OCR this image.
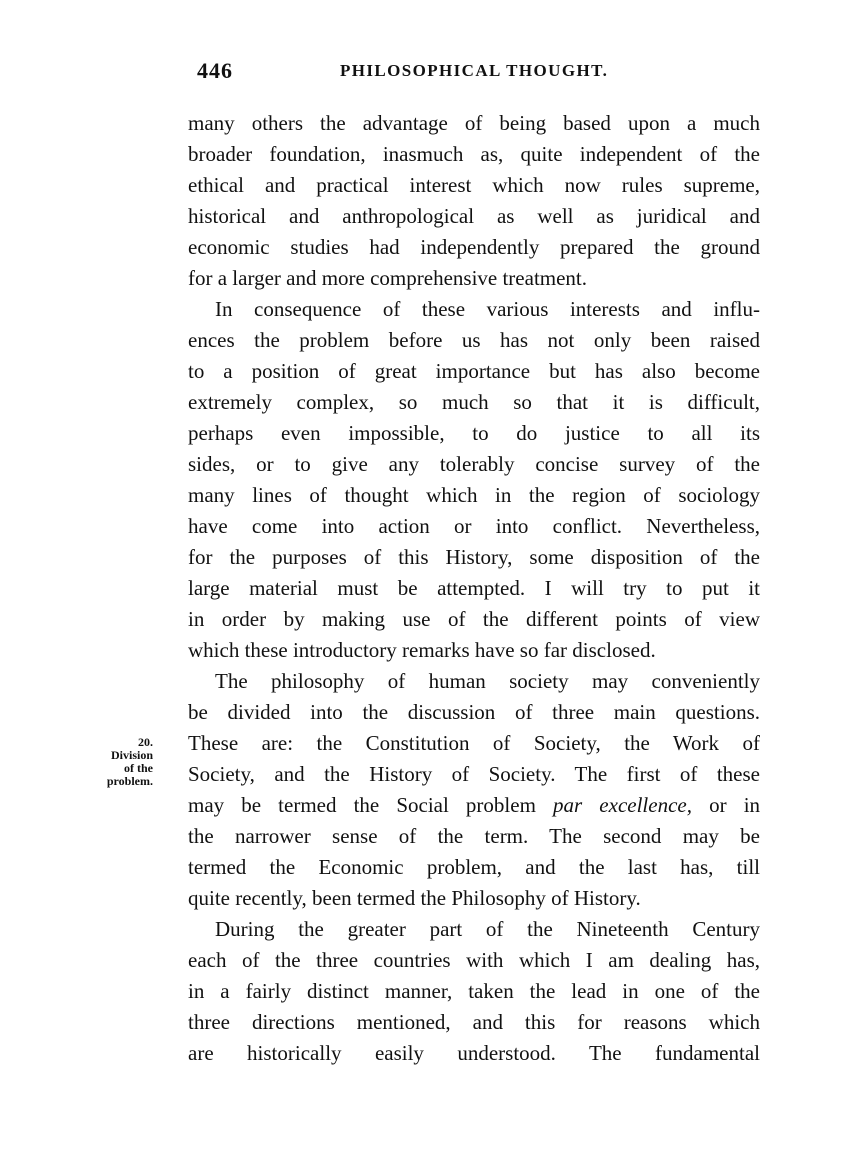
446	PHILOSOPHICAL THOUGHT.
20.
Division
of the
problem.
many others the advantage of being based upon a much
broader foundation, inasmuch as, quite independent of the
ethical and practical interest which now rules supreme,
historical and anthropological as well as juridical and
economic studies had independently prepared the ground
for a larger and more comprehensive treatment.
In consequence of these various interests and influ-
ences the problem before us has not only been raised
to a position of great importance but has also become
extremely complex, so much so that it is difficult,
perhaps even impossible, to do justice to all its
sides, or to give any tolerably concise survey of the
many lines of thought which in the region of sociology
have come into action or into conflict. Nevertheless,
for the purposes of this History, some disposition of the
large material must be attempted. I will try to put it
in order by making use of the different points of view
which these introductory remarks have so far disclosed.
The philosophy of human society may conveniently
be divided into the discussion of three main questions.
These are: the Constitution of Society, the Work of
Society, and the History of Society. The first of these
may be termed the Social problem par excellence, or in
the narrower sense of the term. The second may be
termed the Economic problem, and the last has, till
quite recently, been termed the Philosophy of History.
During the greater part of the Nineteenth Century
each of the three countries with which I am dealing has,
in a fairly distinct manner, taken the lead in one of the
three directions mentioned, and this for reasons which
are historically easily understood. The fundamental
